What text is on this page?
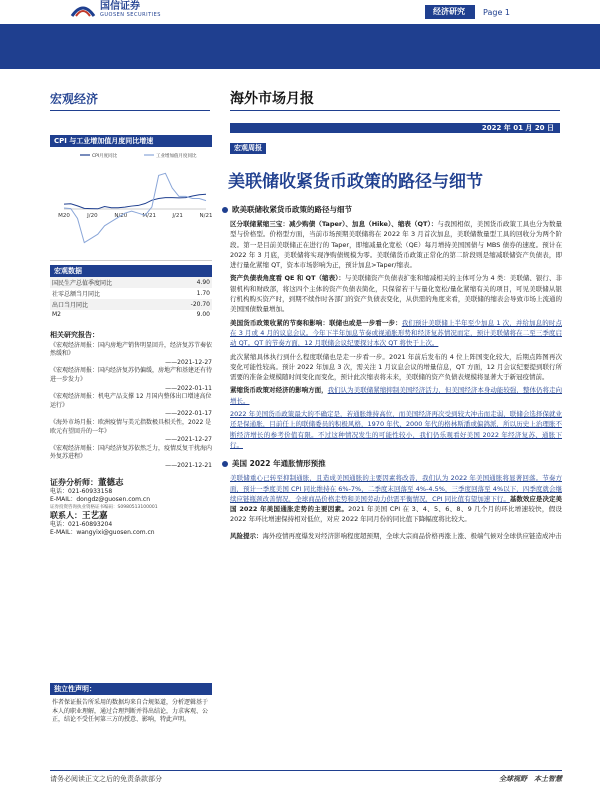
国信证券
GUOSEN SECURITIES	经济研究	Page 1
宏观经济	海外市场月报
2022 年 01 月 20 日
CPI 与工业增加值月度同比增速
M20	J/20	N/20	M/21	J/21	N/21
CPI月度同比	工业增加值月度同比
宏观数据
国民生产总值季度同比	4.90
社零总额当月同比	1.70
出口当月同比	-20.70
M2	9.00
相关研究报告：
《宏观经济周报：国内房地产销售明显回升，经济复苏节奏依然缓和》
——2021-12-27
《宏观经济周报：国内经济复苏仍偏缓，房地产和基建还有待进一步发力》
——2022-01-11
《宏观经济周报：机电产品支撑 12 月国内整体出口增速高位运行》
——2022-01-17
《海外市场月报：欧洲疫情与美元指数极具相关性，2022 是欧元有望回升的一年》
——2021-12-27
《宏观经济周报：国内经济复苏依然乏力，疫情反复干扰海内外复苏进程》
——2021-12-21
证券分析师：董德志
电话：021-60933158
E-MAIL：dongdz@guosen.com.cn
证券投资咨询执业资格证书编码：S0980513100001
联系人：王艺嘉
电话：021-60893204
E-MAIL：wangyixi@guosen.com.cn
独立性声明：
作者保证报告所采用的数据均来自合规渠道，分析逻辑基于本人的职业理解，通过合理判断并得出结论，力求客观、公正，结论不受任何第三方的授意、影响，特此声明。
宏观周报
美联储收紧货币政策的路径与细节
欧美联储收紧货币政策的路径与细节

区分联储紧缩三宝：减少购债（Taper）、加息（Hike）、缩表（QT）：与我国相似，美国货币政策工具也分为数量型与价格型。价格型方面，当前市场预期美联储将在 2022 年 3 月首次加息，美联储数量型工具的回收分为两个阶段。第一是目前美联储正在进行的 Taper，即缩减量化宽松（QE）每月增持美国国债与 MBS 债券的速度。预计在 2022 年 3 月底，美联储将实现净购债规模为零。美联储货币政策正常化的第二阶段则是缩减联储资产负债表，即进行量化紧缩 QT，资本市场影响为正，预计加息>Taper/缩表。

资产负债表角度看 QE 和 QT（缩表）：与美联储资产负债表扩张和缩减相关的主体可分为 4 类：美联储、银行、非银机构和财政部，将这四个主体的资产负债表简化，只保留若干与量化宽松/量化紧缩有关的项目，可见美联储从银行机构购买资产时，到期不续作时各部门的资产负债表变化，从供需的角度来看，美联储的缩表会导致市场上流通的美国国债数量增加。

美国货币政策收紧的节奏和影响：联储也或是一步看一步：我们预计美联储上半年至少加息 1 次，并给加息的时点在 3 月或 4 月的议息会议。今年下半年加息节奏或视通胀形势和经济复苏情况而定，预计美联储将在二至三季度启动 QT。QT 的节奏方面，12 月联储会议纪要探讨本次 QT 将快于上次。

此次紧缩具体执行到什么程度联储也是走一步看一步。2021 年前后发布的 4 位上阵国变化较大，后期点阵图再次变化可能性较高。预计 2022 年加息 3 次，需关注 1 月议息会议的增量信息，QT 方面，12 月会议纪要提到联行所需要的准备金规模随时间变化而变化，预计此次缩表将未来，美联储的资产负债表规模将显著大于新冠疫情前。

紧缩货币政策对经济的影响方面，我们认为美联储紧缩抑制美国经济活力，但美国经济本身动能较强，整体仍将走向增长。

2022 年美国货币政策最大的不确定是，若通胀维持高位，而美国经济再次受到较大冲击而走弱，联储会选择保就业还是保通胀，目前任上的联储委员的积极风格，1970 年代、2000 年代的格林斯潘或偏鸽派，所以历史上治理胀不断经济增长的参考价值有限。不过这种情况发生的可能性较小，我们仍乐观看好美国 2022 年经济复苏、通胀下行。

美国 2022 年通胀情形预推

美联储重心已转至抑制通胀，且造成美国通胀的主要因素将改善，我们认为 2022 年美国通胀将显著回落。节奏方面，预计一季度美国 CPI 同比维持在 6%-7%，二季度末回落至 4%-4.5%，三季度回落至 4%以下，四季度就会继续应链瓶颈改善情况，全球商品价格走势和美国劳动力供需平衡情况，CPI 同比值有望加速下行。基数效应是决定美国 2022 年美国通胀走势的主要因素。2021 年美国 CPI 在 3、4、5、6、8、9 几个月的环比增速较快，假设 2022 年环比增速保持相对低位，对应 2022 年同月份的同比值下降幅度将比较大。

风险提示：海外疫情再度爆发对经济影响程度超预期，全球大宗商品价格再涨上涨、极端气候对全球供应链造成冲击

请务必阅读正文之后的免责条款部分	全球视野　本土智慧
